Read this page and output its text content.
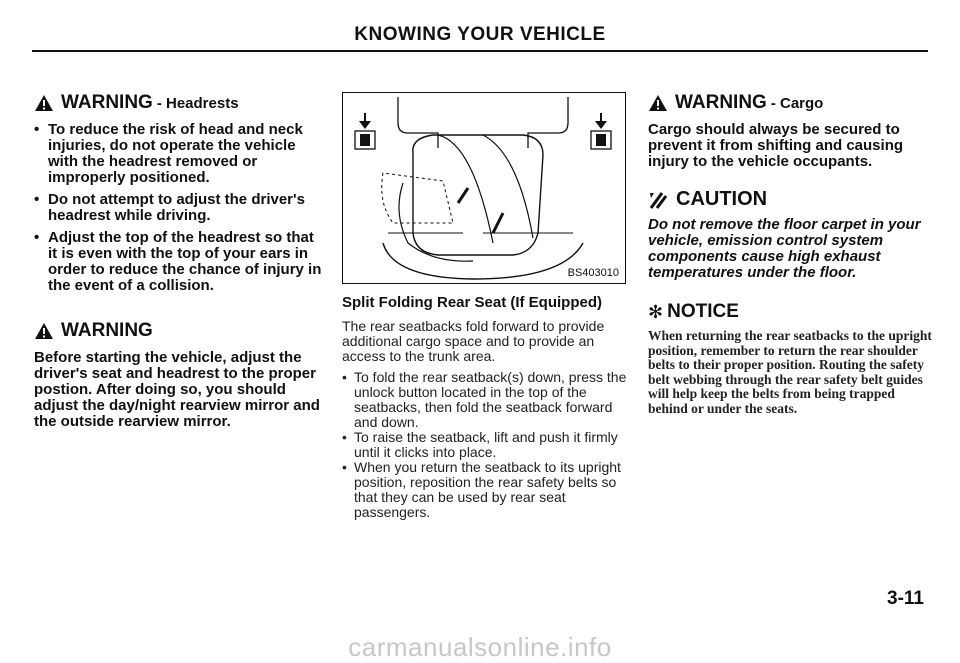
KNOWING YOUR VEHICLE
WARNING - Headrests
• To reduce the risk of head and neck injuries, do not operate the vehicle with the headrest removed or improperly positioned.
• Do not attempt to adjust the driver's headrest while driving.
• Adjust the top of the headrest so that it is even with the top of your ears in order to reduce the chance of injury in the event of a collision.
WARNING

Before starting the vehicle, adjust the driver's seat and headrest to the proper postion. After doing so, you should adjust the day/night rearview mirror and the outside rearview mirror.

BS403010
Split Folding Rear Seat (If Equipped)

The rear seatbacks fold forward to provide additional cargo space and to provide an access to the trunk area.

• To fold the rear seatback(s) down, press the unlock button located in the top of the seatbacks, then fold the seatback forward and down.
• To raise the seatback, lift and push it firmly until it clicks into place.
• When you return the seatback to its upright position, reposition the rear safety belts so that they can be used by rear seat passengers.
WARNING - Cargo

Cargo should always be secured to prevent it from shifting and causing injury to the vehicle occupants.

CAUTION

Do not remove the floor carpet in your vehicle, emission control system components cause high exhaust temperatures under the floor.

✻ NOTICE

When returning the rear seatbacks to the upright position, remember to return the rear shoulder belts to their proper position. Routing the safety belt webbing through the rear safety belt guides will help keep the belts from being trapped behind or under the seats.

3-11
carmanualsonline.info
